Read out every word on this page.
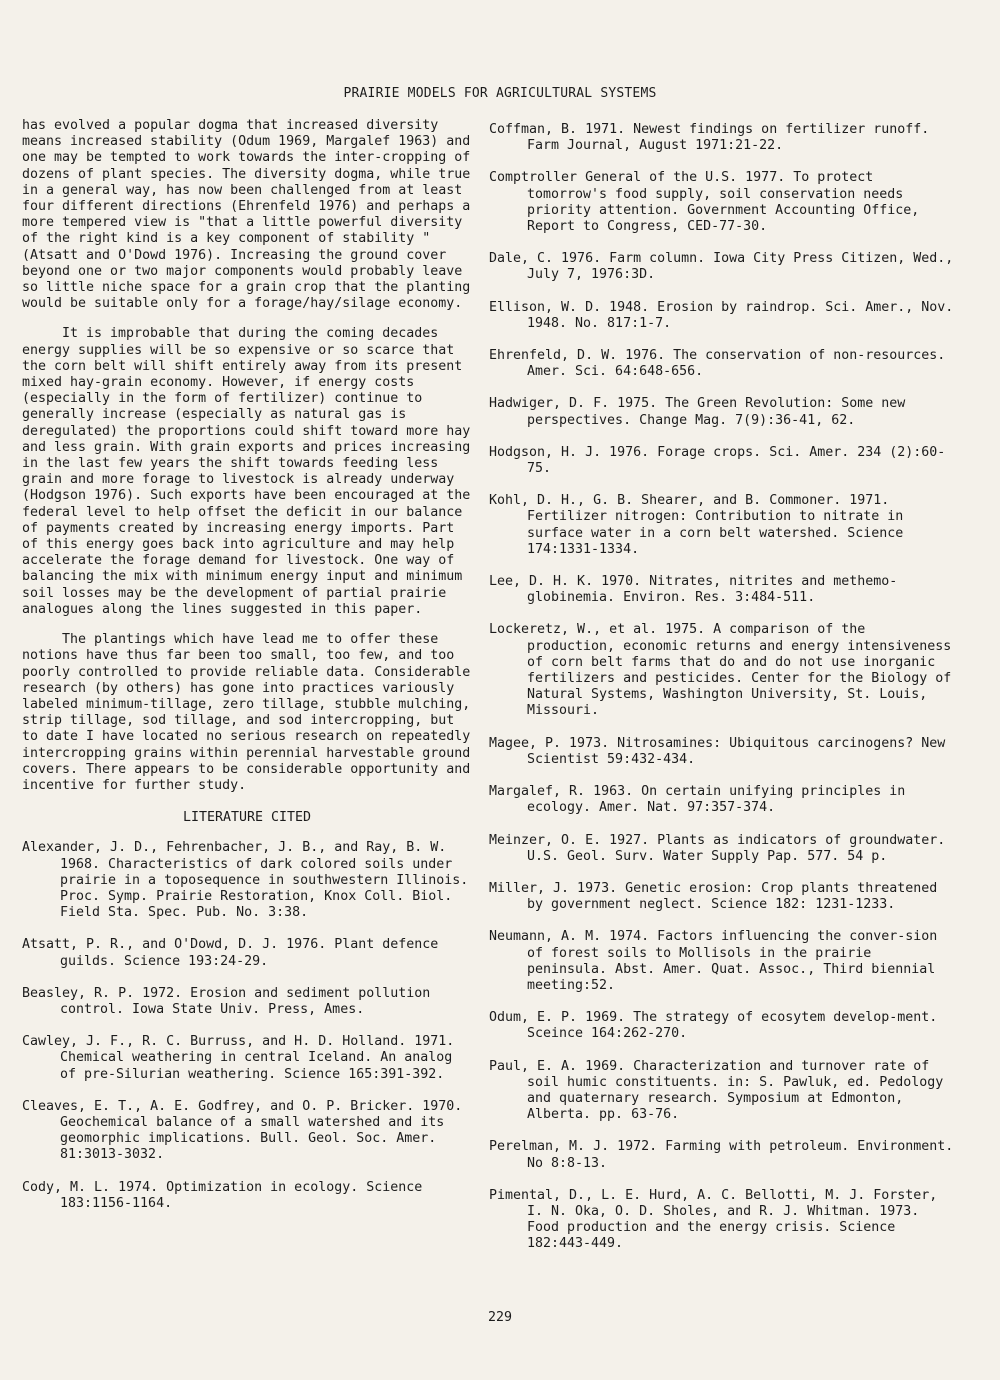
PRAIRIE MODELS FOR AGRICULTURAL SYSTEMS

has evolved a popular dogma that increased diversity means increased stability (Odum 1969, Margalef 1963) and one may be tempted to work towards the inter-cropping of dozens of plant species. The diversity dogma, while true in a general way, has now been challenged from at least four different directions (Ehrenfeld 1976) and perhaps a more tempered view is "that a little powerful diversity of the right kind is a key component of stability " (Atsatt and O'Dowd 1976). Increasing the ground cover beyond one or two major components would probably leave so little niche space for a grain crop that the planting would be suitable only for a forage/hay/silage economy.

It is improbable that during the coming decades energy supplies will be so expensive or so scarce that the corn belt will shift entirely away from its present mixed hay-grain economy. However, if energy costs (especially in the form of fertilizer) continue to generally increase (especially as natural gas is deregulated) the proportions could shift toward more hay and less grain. With grain exports and prices increasing in the last few years the shift towards feeding less grain and more forage to livestock is already underway (Hodgson 1976). Such exports have been encouraged at the federal level to help offset the deficit in our balance of payments created by increasing energy imports. Part of this energy goes back into agriculture and may help accelerate the forage demand for livestock. One way of balancing the mix with minimum energy input and minimum soil losses may be the development of partial prairie analogues along the lines suggested in this paper.

The plantings which have lead me to offer these notions have thus far been too small, too few, and too poorly controlled to provide reliable data. Considerable research (by others) has gone into practices variously labeled minimum-tillage, zero tillage, stubble mulching, strip tillage, sod tillage, and sod intercropping, but to date I have located no serious research on repeatedly intercropping grains within perennial harvestable ground covers. There appears to be considerable opportunity and incentive for further study.

LITERATURE CITED

Alexander, J. D., Fehrenbacher, J. B., and Ray, B. W. 1968. Characteristics of dark colored soils under prairie in a toposequence in southwestern Illinois. Proc. Symp. Prairie Restoration, Knox Coll. Biol. Field Sta. Spec. Pub. No. 3:38.

Atsatt, P. R., and O'Dowd, D. J. 1976. Plant defence guilds. Science 193:24-29.

Beasley, R. P. 1972. Erosion and sediment pollution control. Iowa State Univ. Press, Ames.

Cawley, J. F., R. C. Burruss, and H. D. Holland. 1971. Chemical weathering in central Iceland. An analog of pre-Silurian weathering. Science 165:391-392.

Cleaves, E. T., A. E. Godfrey, and O. P. Bricker. 1970. Geochemical balance of a small watershed and its geomorphic implications. Bull. Geol. Soc. Amer. 81:3013-3032.

Cody, M. L. 1974. Optimization in ecology. Science 183:1156-1164.

Coffman, B. 1971. Newest findings on fertilizer runoff. Farm Journal, August 1971:21-22.

Comptroller General of the U.S. 1977. To protect tomorrow's food supply, soil conservation needs priority attention. Government Accounting Office, Report to Congress, CED-77-30.

Dale, C. 1976. Farm column. Iowa City Press Citizen, Wed., July 7, 1976:3D.

Ellison, W. D. 1948. Erosion by raindrop. Sci. Amer., Nov. 1948. No. 817:1-7.

Ehrenfeld, D. W. 1976. The conservation of non-resources. Amer. Sci. 64:648-656.

Hadwiger, D. F. 1975. The Green Revolution: Some new perspectives. Change Mag. 7(9):36-41, 62.

Hodgson, H. J. 1976. Forage crops. Sci. Amer. 234 (2):60-75.

Kohl, D. H., G. B. Shearer, and B. Commoner. 1971. Fertilizer nitrogen: Contribution to nitrate in surface water in a corn belt watershed. Science 174:1331-1334.

Lee, D. H. K. 1970. Nitrates, nitrites and methemo-globinemia. Environ. Res. 3:484-511.

Lockeretz, W., et al. 1975. A comparison of the production, economic returns and energy intensiveness of corn belt farms that do and do not use inorganic fertilizers and pesticides. Center for the Biology of Natural Systems, Washington University, St. Louis, Missouri.

Magee, P. 1973. Nitrosamines: Ubiquitous carcinogens? New Scientist 59:432-434.

Margalef, R. 1963. On certain unifying principles in ecology. Amer. Nat. 97:357-374.

Meinzer, O. E. 1927. Plants as indicators of groundwater. U.S. Geol. Surv. Water Supply Pap. 577. 54 p.

Miller, J. 1973. Genetic erosion: Crop plants threatened by government neglect. Science 182: 1231-1233.

Neumann, A. M. 1974. Factors influencing the conver-sion of forest soils to Mollisols in the prairie peninsula. Abst. Amer. Quat. Assoc., Third biennial meeting:52.

Odum, E. P. 1969. The strategy of ecosytem develop-ment. Sceince 164:262-270.

Paul, E. A. 1969. Characterization and turnover rate of soil humic constituents. in: S. Pawluk, ed. Pedology and quaternary research. Symposium at Edmonton, Alberta. pp. 63-76.

Perelman, M. J. 1972. Farming with petroleum. Environment. No 8:8-13.

Pimental, D., L. E. Hurd, A. C. Bellotti, M. J. Forster, I. N. Oka, O. D. Sholes, and R. J. Whitman. 1973. Food production and the energy crisis. Science 182:443-449.

229
